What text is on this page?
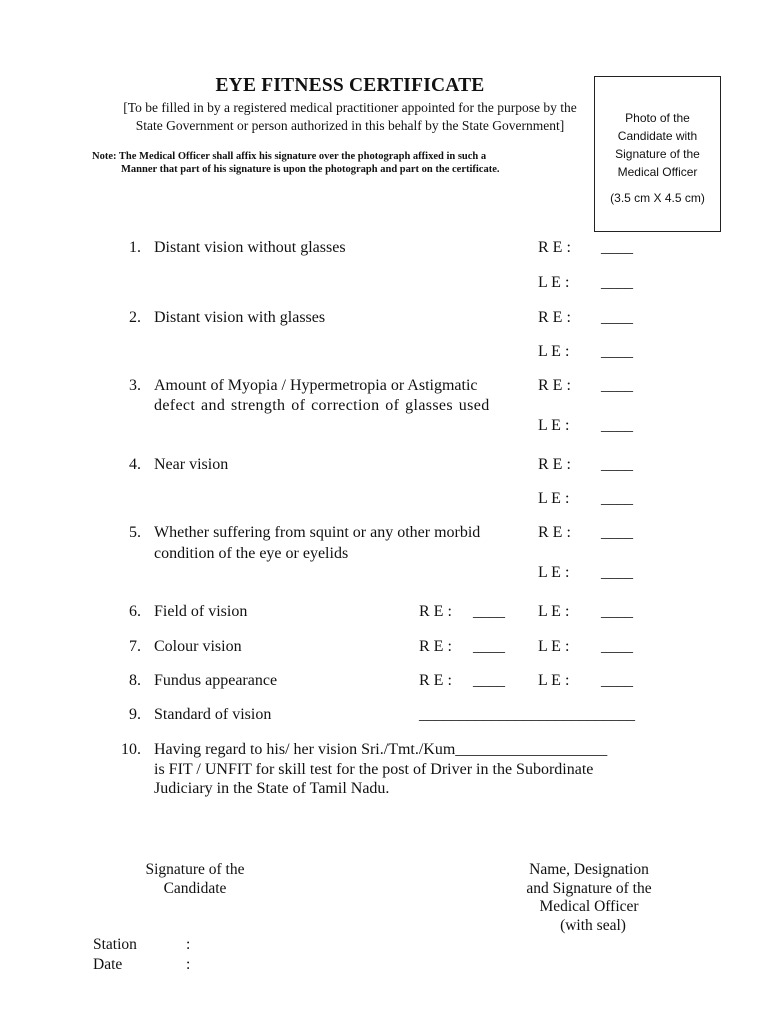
EYE FITNESS CERTIFICATE
[To be filled in by a registered medical practitioner appointed for the purpose by the
State Government or person authorized in this behalf by the State Government]
Note: The Medical Officer shall affix his signature over the photograph affixed in such a
Manner that part of his signature is upon the photograph and part on the certificate.
Photo of the
Candidate with
Signature of the
Medical Officer
(3.5 cm X 4.5 cm)
1. Distant vision without glasses	R E : ____
L E : ____
2. Distant vision with glasses	R E : ____
L E : ____
3. Amount of Myopia / Hypermetropia or Astigmatic
defect and strength of correction of glasses used
R E : ____
L E : ____
4. Near vision	R E : ____
L E : ____
5. Whether suffering from squint or any other morbid
condition of the eye or eyelids
R E : ____
L E : ____
6. Field of vision	R E : ____ L E : ____
7. Colour vision	R E : ____ L E : ____
8. Fundus appearance	R E : ____ L E : ____
9. Standard of vision	___________________________
10. Having regard to his/ her vision Sri./Tmt./Kum___________________
is FIT / UNFIT for skill test for the post of Driver in the Subordinate
Judiciary in the State of Tamil Nadu.
Signature of the
Candidate
Name, Designation
and Signature of the
Medical Officer
(with seal)
Station	:
Date	:
